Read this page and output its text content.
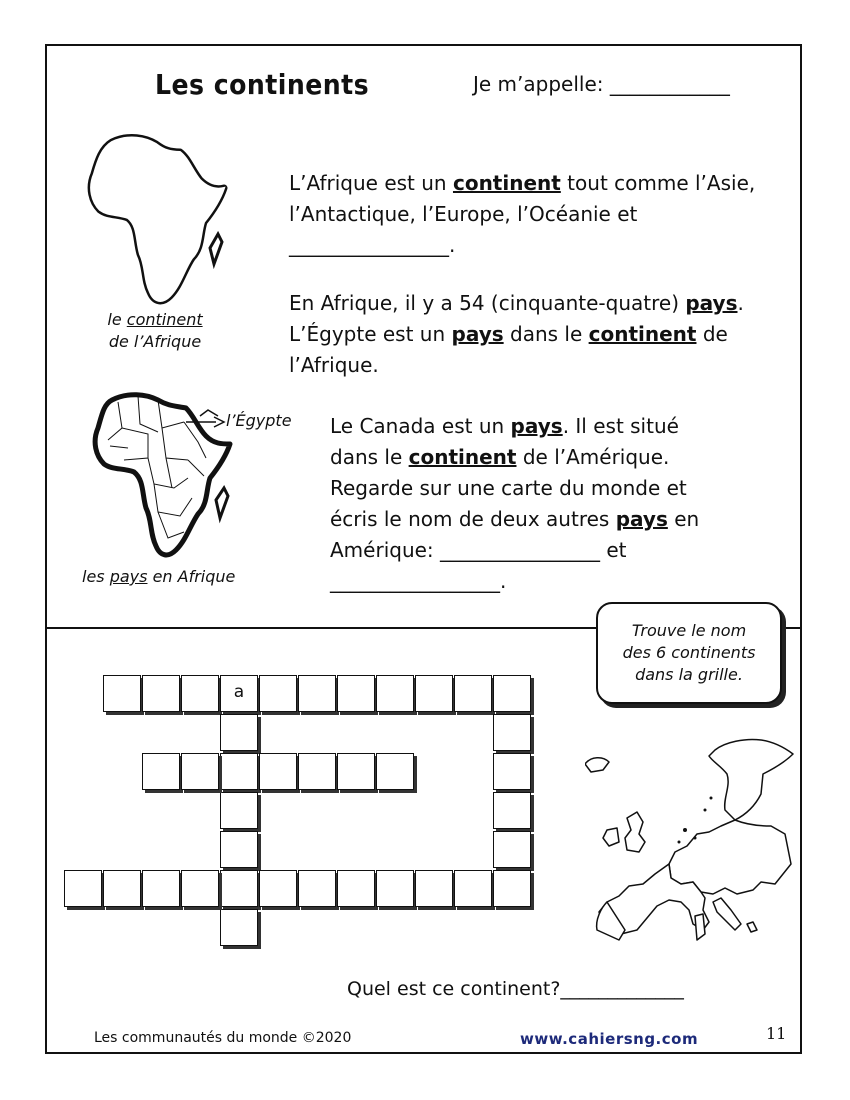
Les continents	Je m’appelle: ____________
le continent
de l’Afrique
l’Égypte
les pays en Afrique
L’Afrique est un continent tout comme l’Asie,
l’Antactique, l’Europe, l’Océanie et
________________.
En Afrique, il y a 54 (cinquante-quatre) pays.
L’Égypte est un pays dans le continent de
l’Afrique.
Le Canada est un pays. Il est situé
dans le continent de l’Amérique.
Regarde sur une carte du monde et
écris le nom de deux autres pays en
Amérique: ________________ et
_________________.
Trouve le nom
des 6 continents
dans la grille.
a
Quel est ce continent?_____________
Les communautés du monde ©2020	www.cahiersng.com	11
